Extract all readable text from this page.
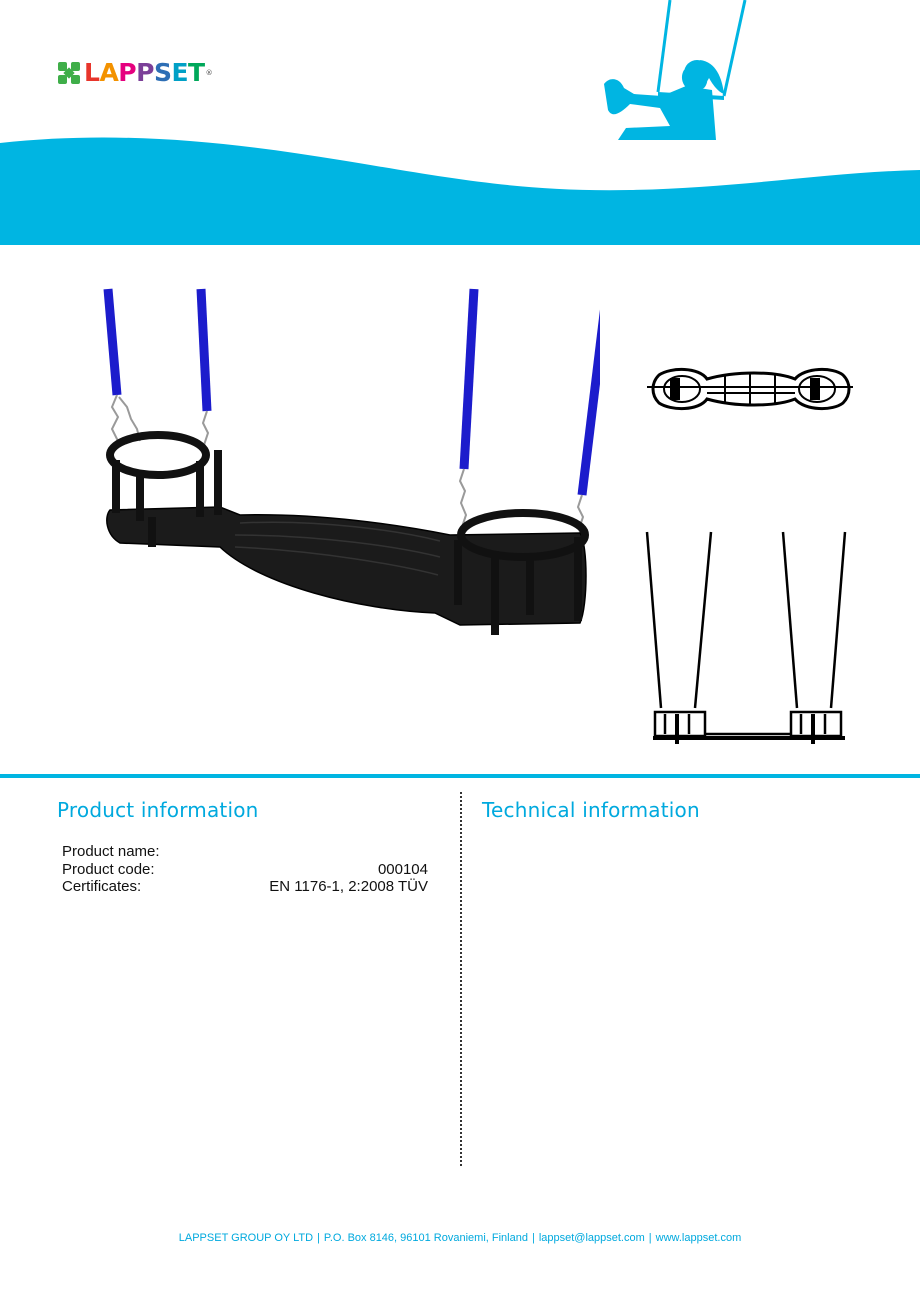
LAPPSET ®
Product information	Technical information
Product name:
Product code:	000104
Certificates:	EN 1176-1, 2:2008 TÜV
LAPPSET GROUP OY LTD | P.O. Box 8146, 96101 Rovaniemi, Finland | lappset@lappset.com | www.lappset.com
